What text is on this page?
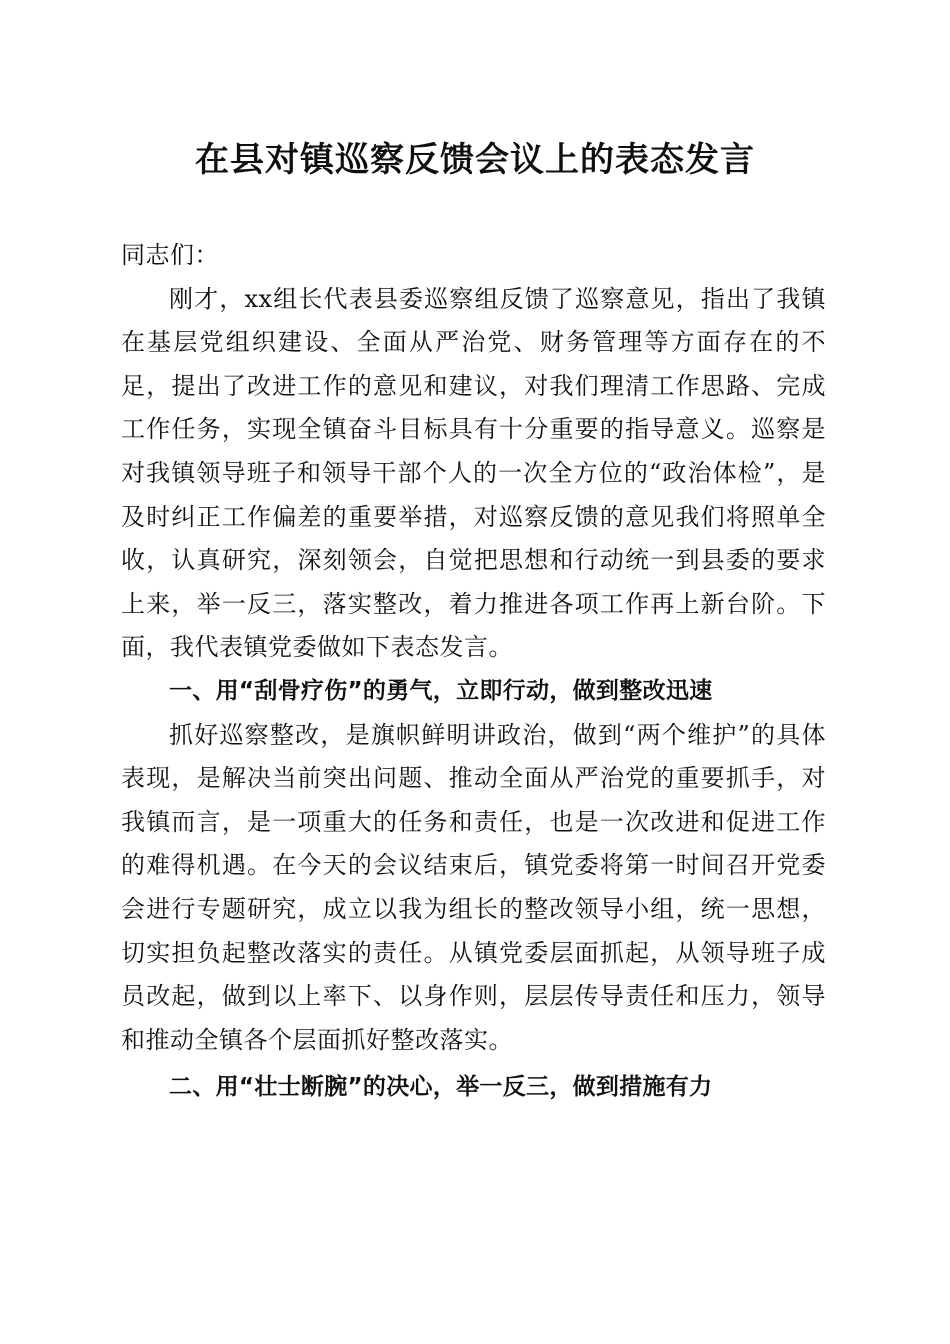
在县对镇巡察反馈会议上的表态发言

同志们：

刚才，xx组长代表县委巡察组反馈了巡察意见，指出了我镇在基层党组织建设、全面从严治党、财务管理等方面存在的不足，提出了改进工作的意见和建议，对我们理清工作思路、完成工作任务，实现全镇奋斗目标具有十分重要的指导意义。巡察是对我镇领导班子和领导干部个人的一次全方位的“政治体检”，是及时纠正工作偏差的重要举措，对巡察反馈的意见我们将照单全收，认真研究，深刻领会，自觉把思想和行动统一到县委的要求上来，举一反三，落实整改，着力推进各项工作再上新台阶。下面，我代表镇党委做如下表态发言。

一、用“刮骨疗伤”的勇气，立即行动，做到整改迅速

抓好巡察整改，是旗帜鲜明讲政治，做到“两个维护”的具体表现，是解决当前突出问题、推动全面从严治党的重要抓手，对我镇而言，是一项重大的任务和责任，也是一次改进和促进工作的难得机遇。在今天的会议结束后，镇党委将第一时间召开党委会进行专题研究，成立以我为组长的整改领导小组，统一思想，切实担负起整改落实的责任。从镇党委层面抓起，从领导班子成员改起，做到以上率下、以身作则，层层传导责任和压力，领导和推动全镇各个层面抓好整改落实。

二、用“壮士断腕”的决心，举一反三，做到措施有力
